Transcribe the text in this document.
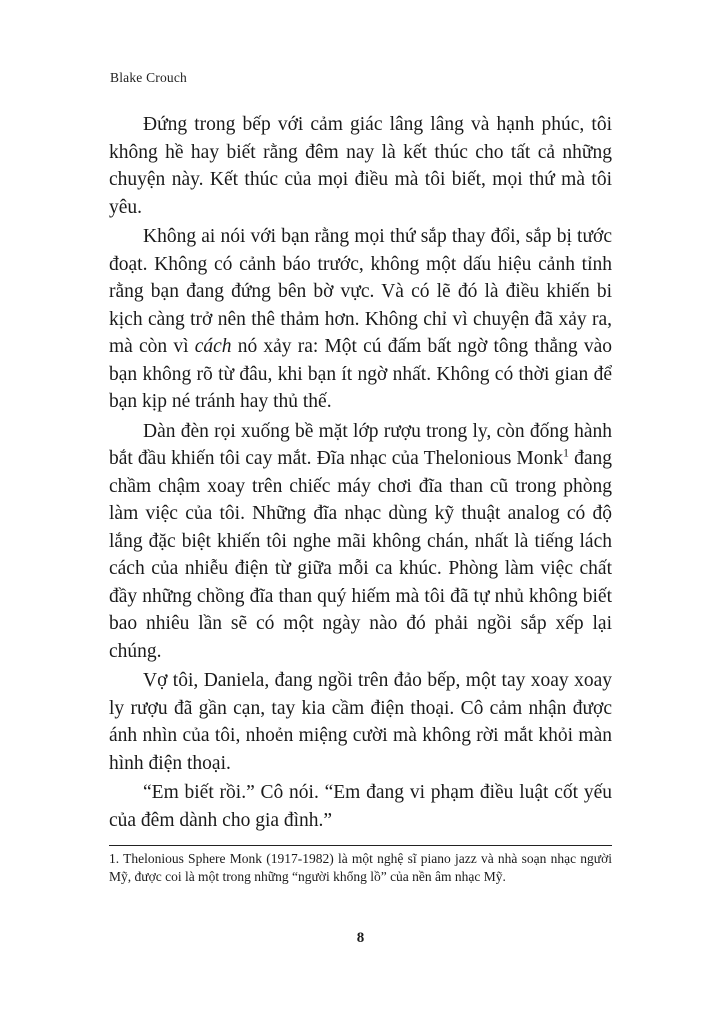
Blake Crouch

Đứng trong bếp với cảm giác lâng lâng và hạnh phúc, tôi không hề hay biết rằng đêm nay là kết thúc cho tất cả những chuyện này. Kết thúc của mọi điều mà tôi biết, mọi thứ mà tôi yêu.

Không ai nói với bạn rằng mọi thứ sắp thay đổi, sắp bị tước đoạt. Không có cảnh báo trước, không một dấu hiệu cảnh tỉnh rằng bạn đang đứng bên bờ vực. Và có lẽ đó là điều khiến bi kịch càng trở nên thê thảm hơn. Không chỉ vì chuyện đã xảy ra, mà còn vì cách nó xảy ra: Một cú đấm bất ngờ tông thẳng vào bạn không rõ từ đâu, khi bạn ít ngờ nhất. Không có thời gian để bạn kịp né tránh hay thủ thế.

Dàn đèn rọi xuống bề mặt lớp rượu trong ly, còn đống hành bắt đầu khiến tôi cay mắt. Đĩa nhạc của Thelonious Monk$^1$ đang chầm chậm xoay trên chiếc máy chơi đĩa than cũ trong phòng làm việc của tôi. Những đĩa nhạc dùng kỹ thuật analog có độ lắng đặc biệt khiến tôi nghe mãi không chán, nhất là tiếng lách cách của nhiễu điện từ giữa mỗi ca khúc. Phòng làm việc chất đầy những chồng đĩa than quý hiếm mà tôi đã tự nhủ không biết bao nhiêu lần sẽ có một ngày nào đó phải ngồi sắp xếp lại chúng.

Vợ tôi, Daniela, đang ngồi trên đảo bếp, một tay xoay xoay ly rượu đã gần cạn, tay kia cầm điện thoại. Cô cảm nhận được ánh nhìn của tôi, nhoẻn miệng cười mà không rời mắt khỏi màn hình điện thoại.

“Em biết rồi.” Cô nói. “Em đang vi phạm điều luật cốt yếu của đêm dành cho gia đình.”

1. Thelonious Sphere Monk (1917-1982) là một nghệ sĩ piano jazz và nhà soạn nhạc người Mỹ, được coi là một trong những “người khổng lồ” của nền âm nhạc Mỹ.

8
